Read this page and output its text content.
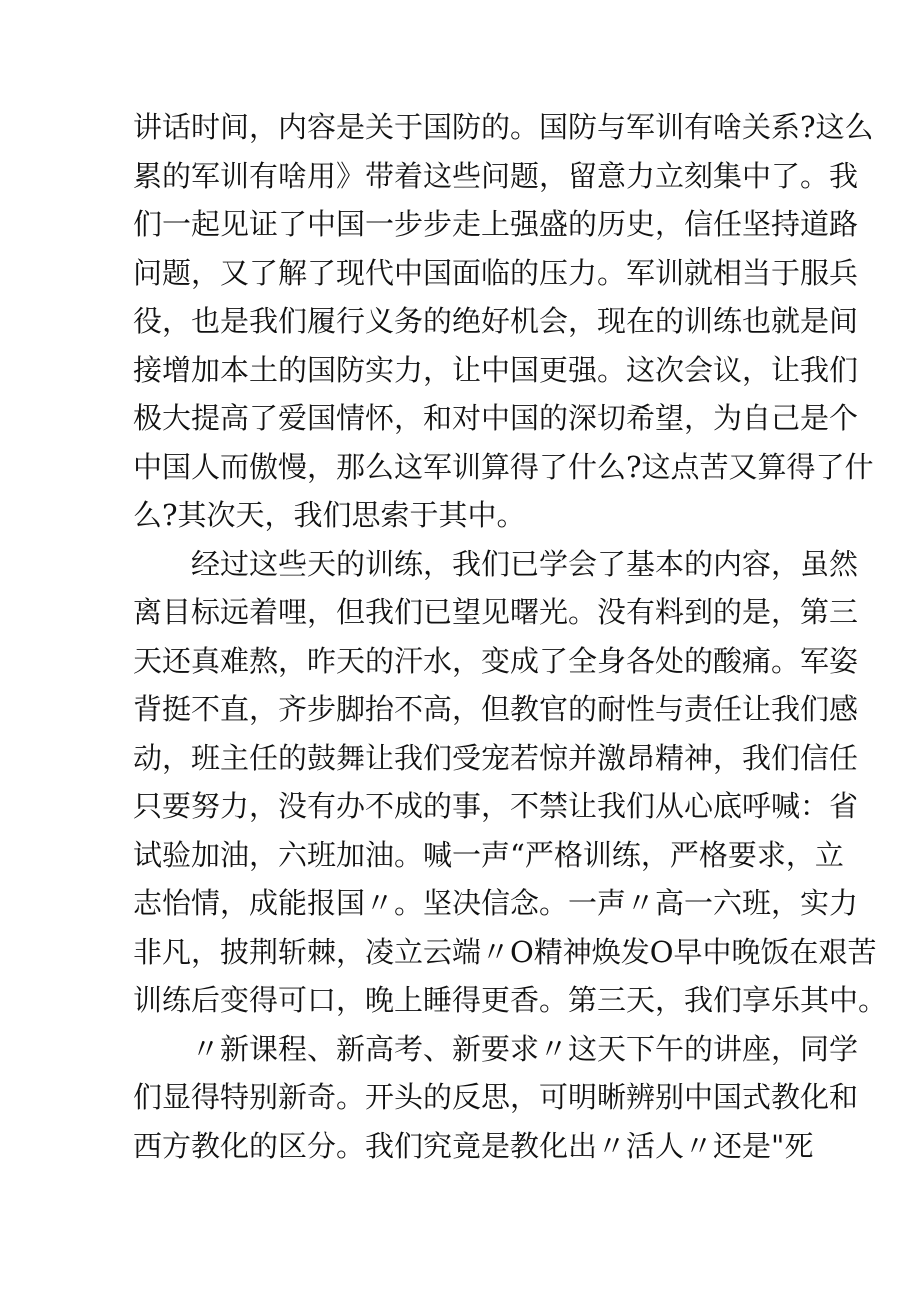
讲话时间，内容是关于国防的。国防与军训有啥关系?这么
累的军训有啥用》带着这些问题，留意力立刻集中了。我
们一起见证了中国一步步走上强盛的历史，信任坚持道路
问题，又了解了现代中国面临的压力。军训就相当于服兵
役，也是我们履行义务的绝好机会，现在的训练也就是间
接增加本土的国防实力，让中国更强。这次会议，让我们
极大提高了爱国情怀，和对中国的深切希望，为自己是个
中国人而傲慢，那么这军训算得了什么?这点苦又算得了什
么?其次天，我们思索于其中。
经过这些天的训练，我们已学会了基本的内容，虽然
离目标远着哩，但我们已望见曙光。没有料到的是，第三
天还真难熬，昨天的汗水，变成了全身各处的酸痛。军姿
背挺不直，齐步脚抬不高，但教官的耐性与责任让我们感
动，班主任的鼓舞让我们受宠若惊并激昂精神，我们信任
只要努力，没有办不成的事，不禁让我们从心底呼喊：省
试验加油，六班加油。喊一声“严格训练，严格要求，立
志怡情，成能报国〃。坚决信念。一声〃高一六班，实力
非凡，披荆斩棘，凌立云端〃O精神焕发O早中晚饭在艰苦
训练后变得可口，晚上睡得更香。第三天，我们享乐其中。
〃新课程、新高考、新要求〃这天下午的讲座，同学
们显得特别新奇。开头的反思，可明晰辨别中国式教化和
西方教化的区分。我们究竟是教化出〃活人〃还是"死
